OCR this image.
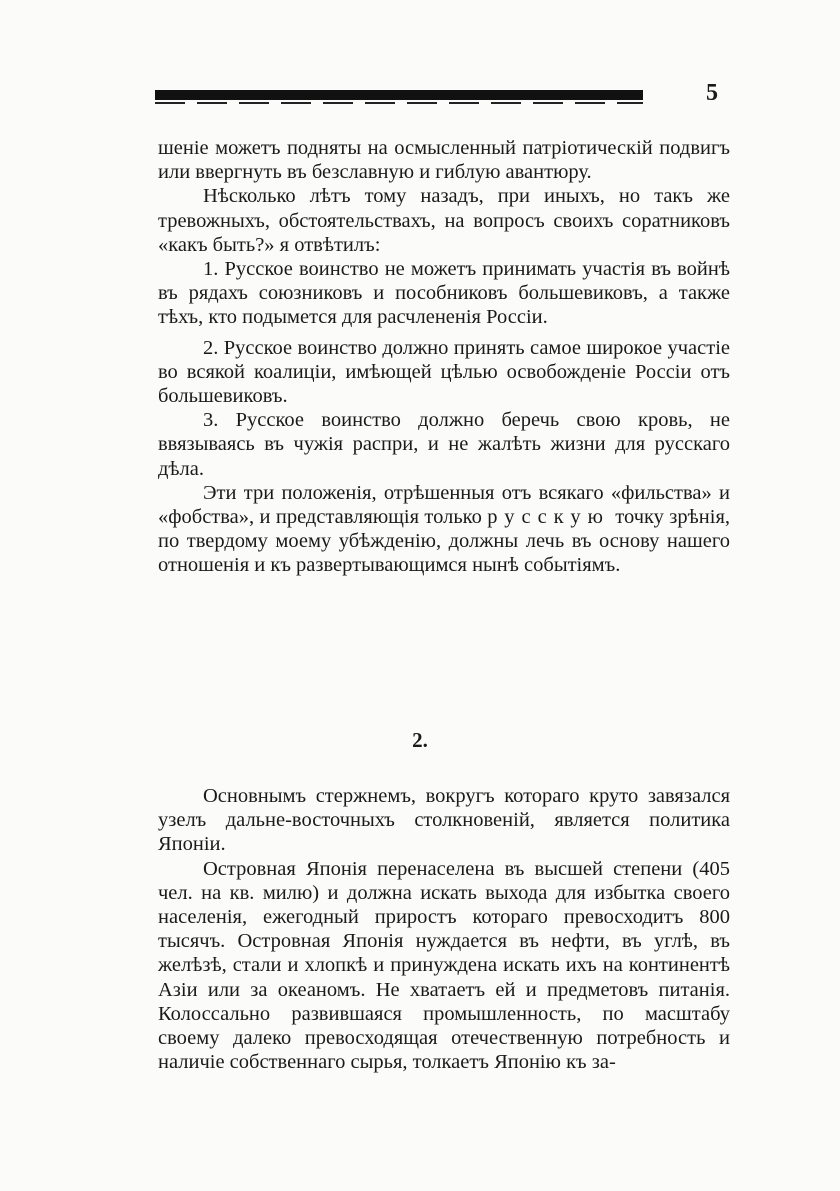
5

шеніе можетъ подняты на осмысленный патріотическій подвигъ или ввергнуть въ безславную и гиблую авантюру.

Нѣсколько лѣтъ тому назадъ, при иныхъ, но такъ же тревожныхъ, обстоятельствахъ, на вопросъ своихъ соратниковъ «какъ быть?» я отвѣтилъ:

1. Русское воинство не можетъ принимать участія въ войнѣ въ рядахъ союзниковъ и пособниковъ большевиковъ, а также тѣхъ, кто подымется для расчлененія Россіи.

2. Русское воинство должно принять самое широкое участіе во всякой коалиціи, имѣющей цѣлью освобожденіе Россіи отъ большевиковъ.

3. Русское воинство должно беречь свою кровь, не ввязываясь въ чужія распри, и не жалѣть жизни для русскаго дѣла.

Эти три положенія, отрѣшенныя отъ всякаго «фильства» и «фобства», и представляющія только русскую точку зрѣнія, по твердому моему убѣжденію, должны лечь въ основу нашего отношенія и къ развертывающимся нынѣ событіямъ.

2.

Основнымъ стержнемъ, вокругъ котораго круто завязался узелъ дальне-восточныхъ столкновеній, является политика Японіи.

Островная Японія перенаселена въ высшей степени (405 чел. на кв. милю) и должна искать выхода для избытка своего населенія, ежегодный приростъ котораго превосходитъ 800 тысячъ. Островная Японія нуждается въ нефти, въ углѣ, въ желѣзѣ, стали и хлопкѣ и принуждена искать ихъ на континентѣ Азіи или за океаномъ. Не хватаетъ ей и предметовъ питанія. Колоссально развившаяся промышленность, по масштабу своему далеко превосходящая отечественную потребность и наличіе собственнаго сырья, толкаетъ Японію къ за-
